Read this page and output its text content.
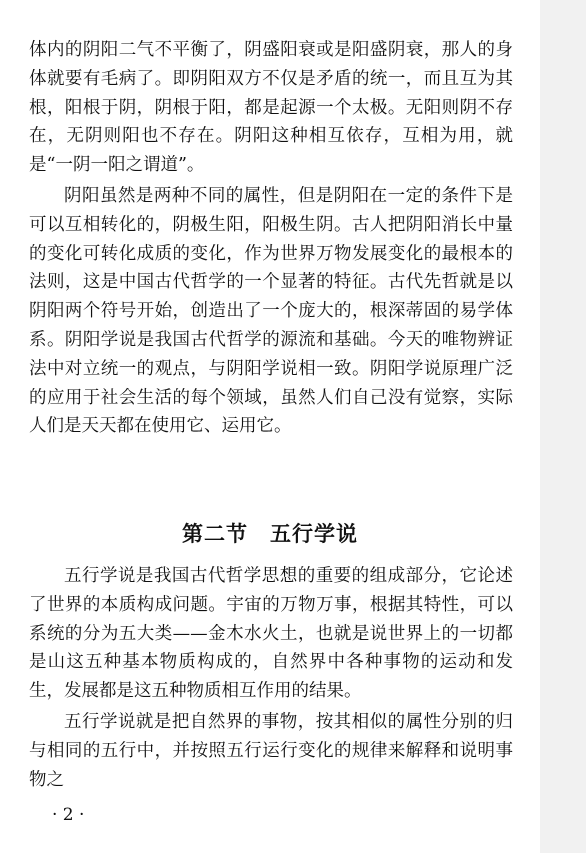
体内的阴阳二气不平衡了，阴盛阳衰或是阳盛阴衰，那人的身体就要有毛病了。即阴阳双方不仅是矛盾的统一，而且互为其根，阳根于阴，阴根于阳，都是起源一个太极。无阳则阴不存在，无阴则阳也不存在。阴阳这种相互依存，互相为用，就是“一阴一阳之谓道”。

阴阳虽然是两种不同的属性，但是阴阳在一定的条件下是可以互相转化的，阴极生阳，阳极生阴。古人把阴阳消长中量的变化可转化成质的变化，作为世界万物发展变化的最根本的法则，这是中国古代哲学的一个显著的特征。古代先哲就是以阴阳两个符号开始，创造出了一个庞大的，根深蒂固的易学体系。阴阳学说是我国古代哲学的源流和基础。今天的唯物辨证法中对立统一的观点，与阴阳学说相一致。阴阳学说原理广泛的应用于社会生活的每个领域，虽然人们自己没有觉察，实际人们是天天都在使用它、运用它。

第二节　五行学说

五行学说是我国古代哲学思想的重要的组成部分，它论述了世界的本质构成问题。宇宙的万物万事，根据其特性，可以系统的分为五大类——金木水火土，也就是说世界上的一切都是山这五种基本物质构成的，自然界中各种事物的运动和发生，发展都是这五种物质相互作用的结果。

五行学说就是把自然界的事物，按其相似的属性分别的归与相同的五行中，并按照五行运行变化的规律来解释和说明事物之

· 2 ·
